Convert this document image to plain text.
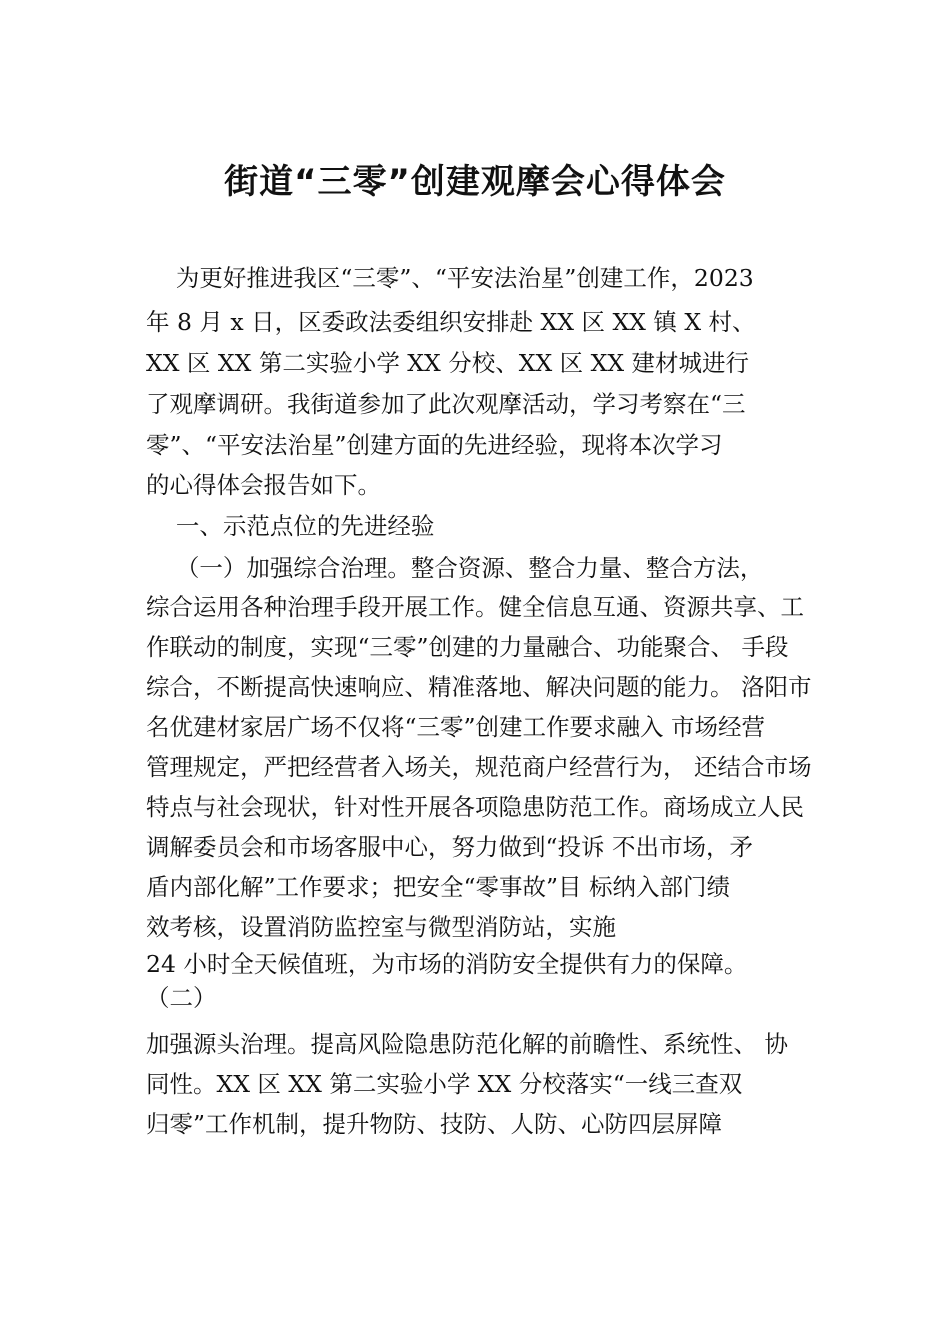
街道“三零”创建观摩会心得体会

为更好推进我区“三零”、“平安法治星”创建工作，2023

年 8 月 x 日，区委政法委组织安排赴 XX 区 XX 镇 X 村、

XX 区 XX 第二实验小学 XX 分校、XX 区 XX 建材城进行

了观摩调研。我街道参加了此次观摩活动，学习考察在“三

零”、“平安法治星”创建方面的先进经验，现将本次学习

的心得体会报告如下。

一、示范点位的先进经验

（一）加强综合治理。整合资源、整合力量、整合方法，

综合运用各种治理手段开展工作。健全信息互通、资源共享、工

作联动的制度，实现“三零”创建的力量融合、功能聚合、 手段

综合，不断提高快速响应、精准落地、解决问题的能力。 洛阳市

名优建材家居广场不仅将“三零”创建工作要求融入 市场经营

管理规定，严把经营者入场关，规范商户经营行为， 还结合市场

特点与社会现状，针对性开展各项隐患防范工作。商场成立人民

调解委员会和市场客服中心，努力做到“投诉 不出市场，矛

盾内部化解”工作要求；把安全“零事故”目 标纳入部门绩

效考核，设置消防监控室与微型消防站，实施

24 小时全天候值班，为市场的消防安全提供有力的保障。

（二）

加强源头治理。提高风险隐患防范化解的前瞻性、系统性、 协

同性。XX 区 XX 第二实验小学 XX 分校落实“一线三查双

归零”工作机制，提升物防、技防、人防、心防四层屏障
